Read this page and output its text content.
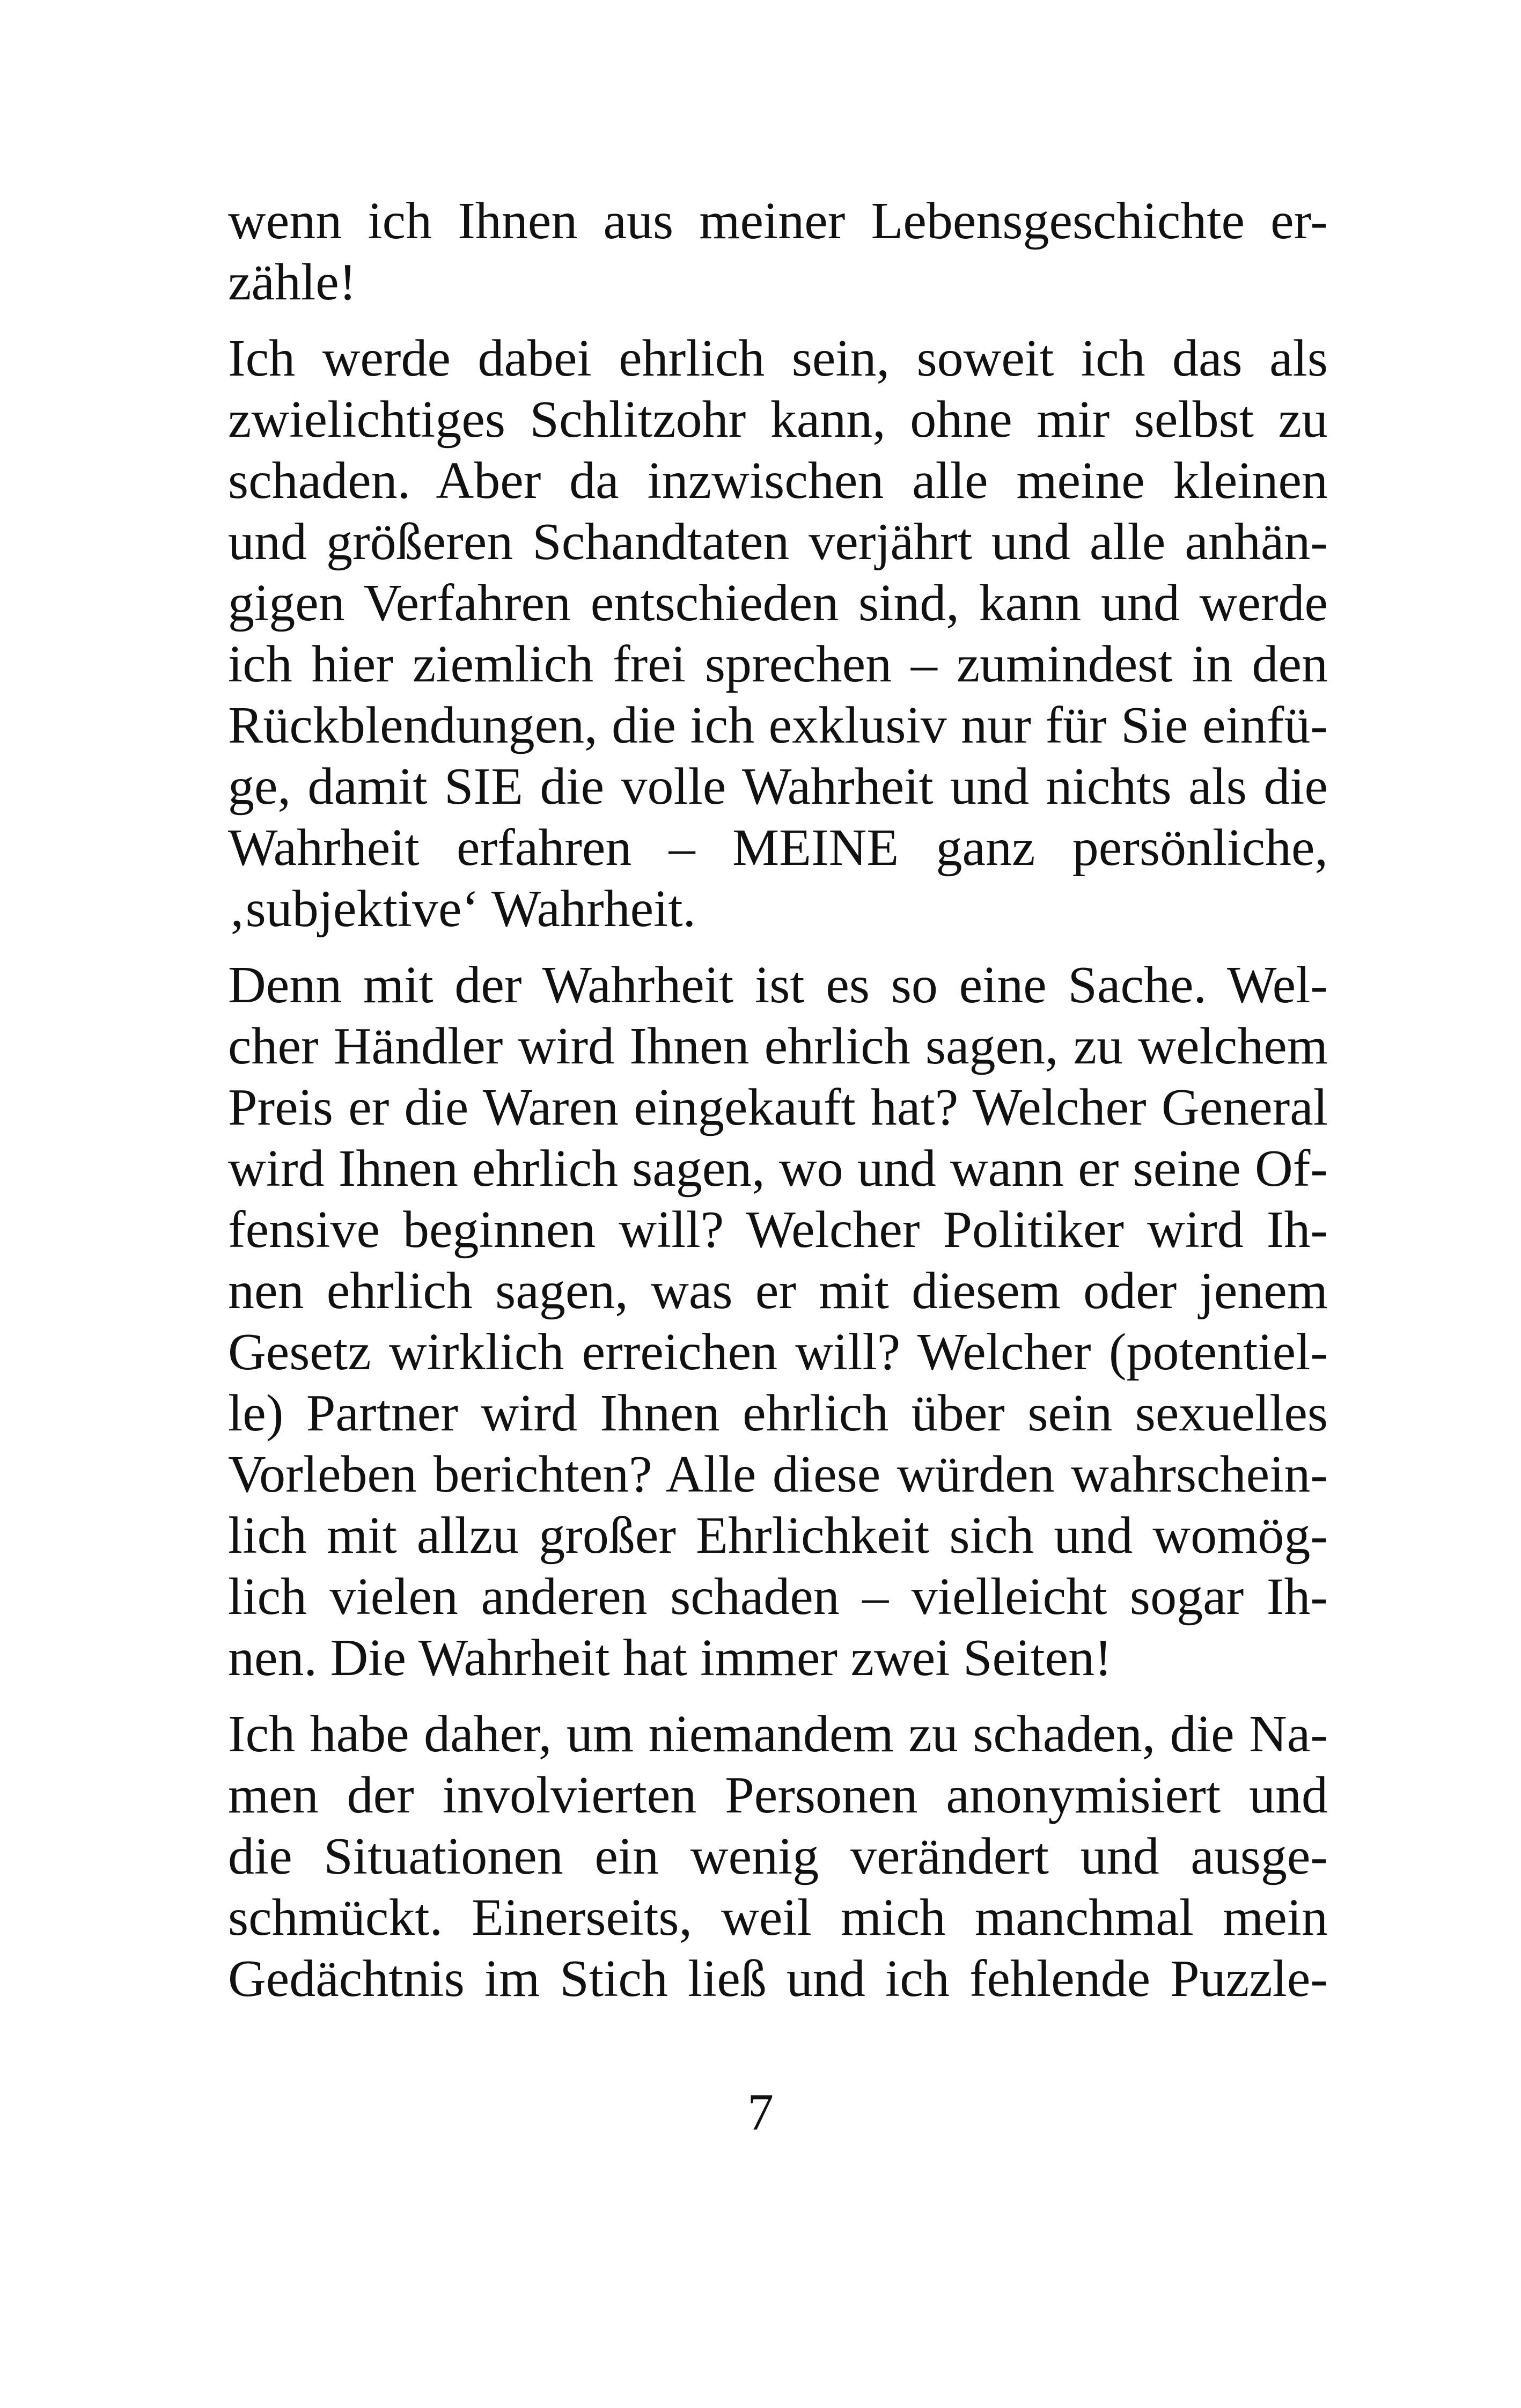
wenn ich Ihnen aus meiner Lebensgeschichte er-
zähle!

Ich werde dabei ehrlich sein, soweit ich das als
zwielichtiges Schlitzohr kann, ohne mir selbst zu
schaden. Aber da inzwischen alle meine kleinen
und größeren Schandtaten verjährt und alle anhän-
gigen Verfahren entschieden sind, kann und werde
ich hier ziemlich frei sprechen – zumindest in den
Rückblendungen, die ich exklusiv nur für Sie einfü-
ge, damit SIE die volle Wahrheit und nichts als die
Wahrheit erfahren – MEINE ganz persönliche,
‚subjektive‘ Wahrheit.

Denn mit der Wahrheit ist es so eine Sache. Wel-
cher Händler wird Ihnen ehrlich sagen, zu welchem
Preis er die Waren eingekauft hat? Welcher General
wird Ihnen ehrlich sagen, wo und wann er seine Of-
fensive beginnen will? Welcher Politiker wird Ih-
nen ehrlich sagen, was er mit diesem oder jenem
Gesetz wirklich erreichen will? Welcher (potentiel-
le) Partner wird Ihnen ehrlich über sein sexuelles
Vorleben berichten? Alle diese würden wahrschein-
lich mit allzu großer Ehrlichkeit sich und womög-
lich vielen anderen schaden – vielleicht sogar Ih-
nen. Die Wahrheit hat immer zwei Seiten!

Ich habe daher, um niemandem zu schaden, die Na-
men der involvierten Personen anonymisiert und
die Situationen ein wenig verändert und ausge-
schmückt. Einerseits, weil mich manchmal mein
Gedächtnis im Stich ließ und ich fehlende Puzzle-

7
